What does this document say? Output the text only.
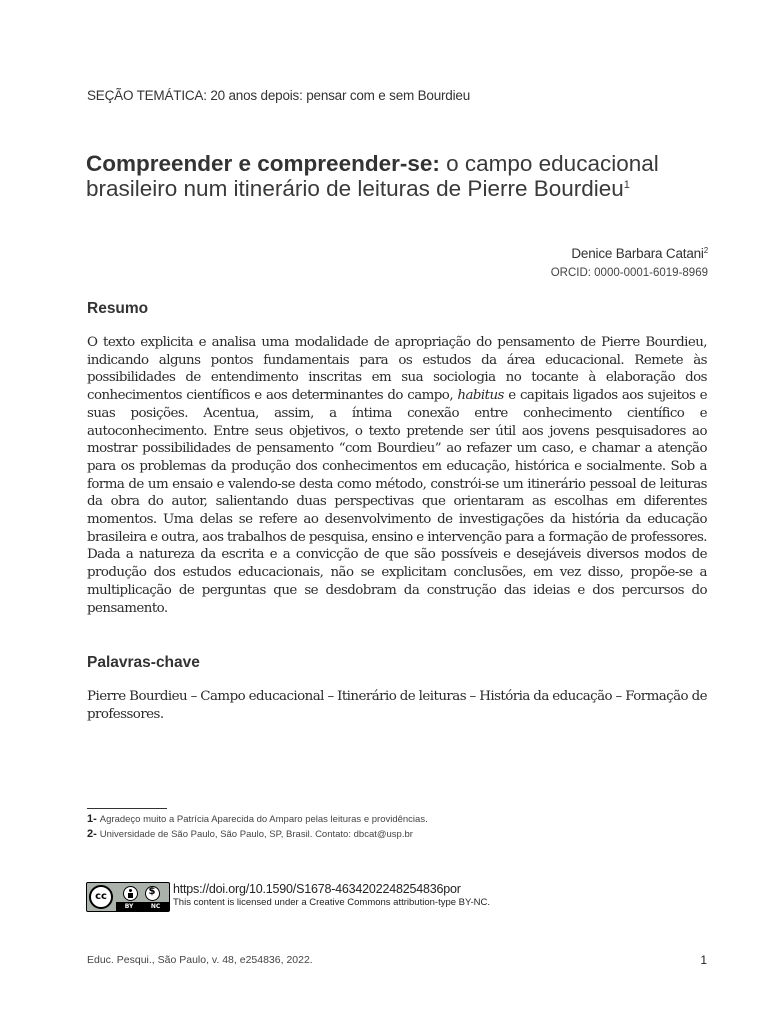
SEÇÃO TEMÁTICA: 20 anos depois: pensar com e sem Bourdieu
Compreender e compreender-se: o campo educacional brasileiro num itinerário de leituras de Pierre Bourdieu$^1$
Denice Barbara Catani$^2$
ORCID: 0000-0001-6019-8969
Resumo

O texto explicita e analisa uma modalidade de apropriação do pensamento de Pierre Bourdieu, indicando alguns pontos fundamentais para os estudos da área educacional. Remete às possibilidades de entendimento inscritas em sua sociologia no tocante à elaboração dos conhecimentos científicos e aos determinantes do campo, habitus e capitais ligados aos sujeitos e suas posições. Acentua, assim, a íntima conexão entre conhecimento científico e autoconhecimento. Entre seus objetivos, o texto pretende ser útil aos jovens pesquisadores ao mostrar possibilidades de pensamento “com Bourdieu” ao refazer um caso, e chamar a atenção para os problemas da produção dos conhecimentos em educação, histórica e socialmente. Sob a forma de um ensaio e valendo-se desta como método, constrói-se um itinerário pessoal de leituras da obra do autor, salientando duas perspectivas que orientaram as escolhas em diferentes momentos. Uma delas se refere ao desenvolvimento de investigações da história da educação brasileira e outra, aos trabalhos de pesquisa, ensino e intervenção para a formação de professores. Dada a natureza da escrita e a convicção de que são possíveis e desejáveis diversos modos de produção dos estudos educacionais, não se explicitam conclusões, em vez disso, propõe-se a multiplicação de perguntas que se desdobram da construção das ideias e dos percursos do pensamento.

Palavras-chave

Pierre Bourdieu – Campo educacional – Itinerário de leituras – História da educação – Formação de professores.

1- Agradeço muito a Patrícia Aparecida do Amparo pelas leituras e providências.
2- Universidade de São Paulo, São Paulo, SP, Brasil. Contato: dbcat@usp.br
cc
$
BY	NC
https://doi.org/10.1590/S1678-4634202248254836por
This content is licensed under a Creative Commons attribution-type BY-NC.
Educ. Pesqui., São Paulo, v. 48, e254836, 2022.	1
